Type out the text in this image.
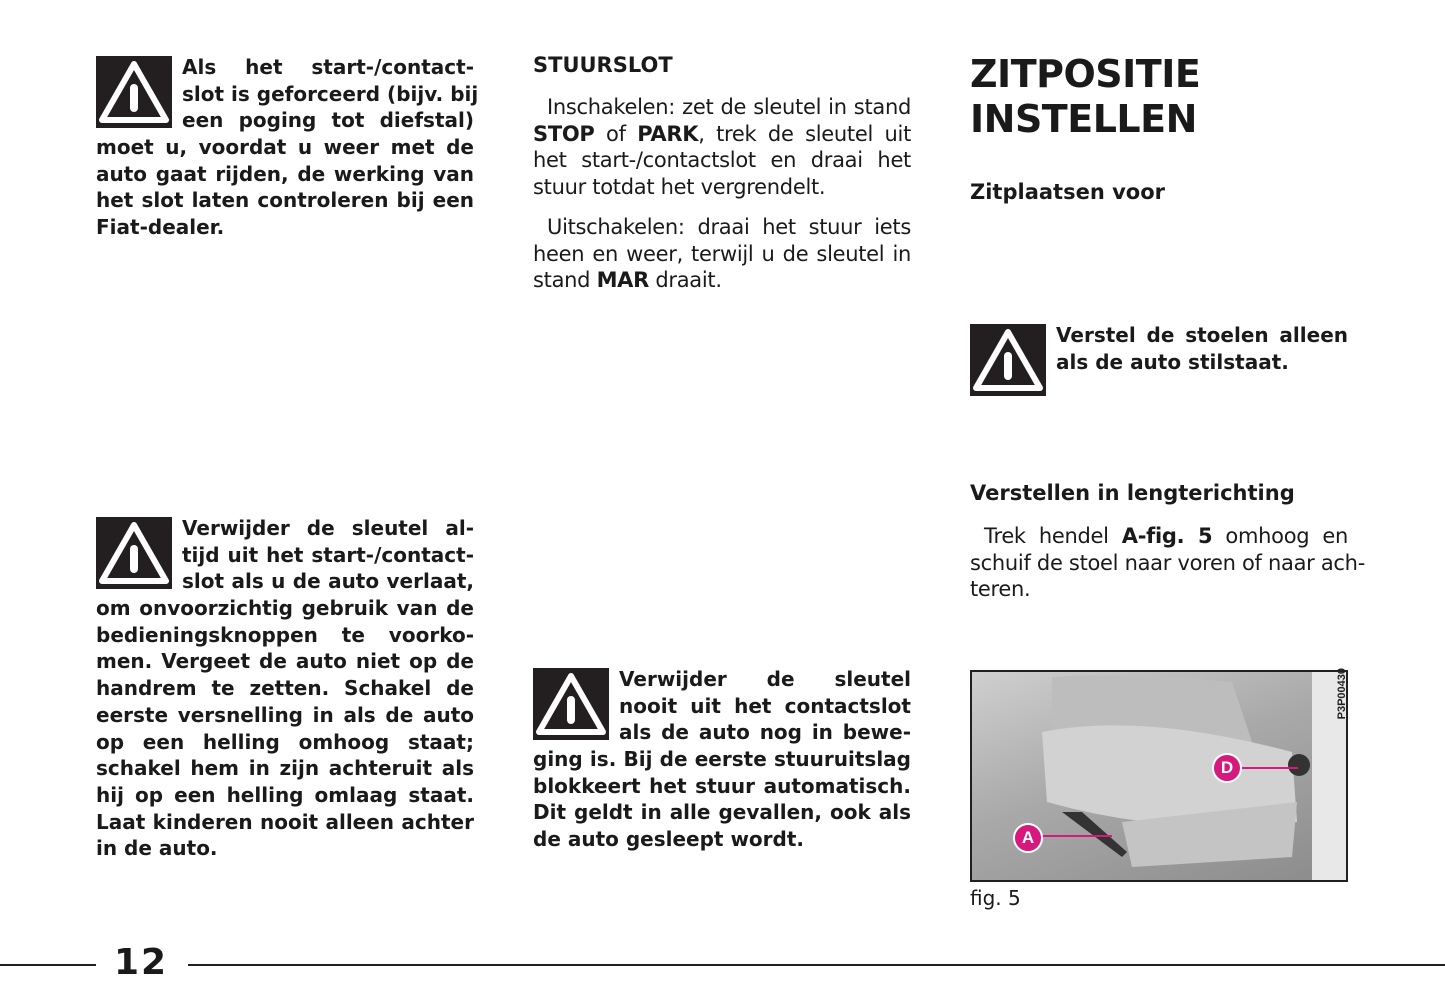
Als het start-/contact-
slot is geforceerd (bijv. bij
een poging tot diefstal)
moet u, voordat u weer met de
auto gaat rijden, de werking van
het slot laten controleren bij een
Fiat-dealer.
Verwijder de sleutel al-
tijd uit het start-/contact-
slot als u de auto verlaat,
om onvoorzichtig gebruik van de
bedieningsknoppen te voorko-
men. Vergeet de auto niet op de
handrem te zetten. Schakel de
eerste versnelling in als de auto
op een helling omhoog staat;
schakel hem in zijn achteruit als
hij op een helling omlaag staat.
Laat kinderen nooit alleen achter
in de auto.
STUURSLOT
Inschakelen: zet de sleutel in stand
STOP of PARK, trek de sleutel uit
het start-/contactslot en draai het
stuur totdat het vergrendelt.
Uitschakelen: draai het stuur iets
heen en weer, terwijl u de sleutel in
stand MAR draait.
Verwijder de sleutel
nooit uit het contactslot
als de auto nog in bewe-
ging is. Bij de eerste stuuruitslag
blokkeert het stuur automatisch.
Dit geldt in alle gevallen, ook als
de auto gesleept wordt.
ZITPOSITIE
INSTELLEN
Zitplaatsen voor
Verstel de stoelen alleen
als de auto stilstaat.
Verstellen in lengterichting
Trek hendel A-fig. 5 omhoog en
schuif de stoel naar voren of naar ach-
teren.
D
A
P3P00430
fig. 5
12
